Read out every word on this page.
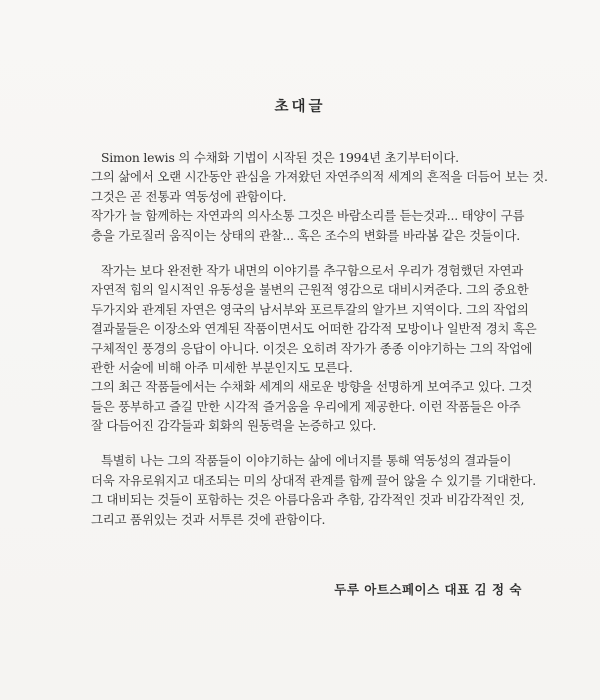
초대글
Simon lewis 의 수채화 기법이 시작된 것은 1994년 초기부터이다.
그의 삶에서 오랜 시간동안 관심을 가져왔던 자연주의적 세계의 흔적을 더듬어 보는 것.
그것은 곧 전통과 역동성에 관함이다.
작가가 늘 함께하는 자연과의 의사소통 그것은 바람소리를 듣는것과... 태양이 구름
층을 가로질러 움직이는 상태의 관찰... 혹은 조수의 변화를 바라봄 같은 것들이다.
작가는 보다 완전한 작가 내면의 이야기를 추구함으로서 우리가 경험했던 자연과
자연적 힘의 일시적인 유동성을 불변의 근원적 영감으로 대비시켜준다. 그의 중요한
두가지와 관계된 자연은 영국의 남서부와 포르투갈의 알가브 지역이다. 그의 작업의
결과물들은 이장소와 연계된 작품이면서도 어떠한 감각적 모방이나 일반적 경치 혹은
구체적인 풍경의 응답이 아니다. 이것은 오히려 작가가 종종 이야기하는 그의 작업에
관한 서술에 비해 아주 미세한 부분인지도 모른다.
그의 최근 작품들에서는 수채화 세계의 새로운 방향을 선명하게 보여주고 있다. 그것
들은 풍부하고 즐길 만한 시각적 즐거움을 우리에게 제공한다. 이런 작품들은 아주
잘 다듬어진 감각들과 회화의 원동력을 논증하고 있다.
특별히 나는 그의 작품들이 이야기하는 삶에 에너지를 통해 역동성의 결과들이
더욱 자유로워지고 대조되는 미의 상대적 관계를 함께 끌어 않을 수 있기를 기대한다.
그 대비되는 것들이 포함하는 것은 아름다움과 추함, 감각적인 것과 비감각적인 것,
그리고 품위있는 것과 서투른 것에 관함이다.
두루 아트스페이스 대표 김 정 숙
